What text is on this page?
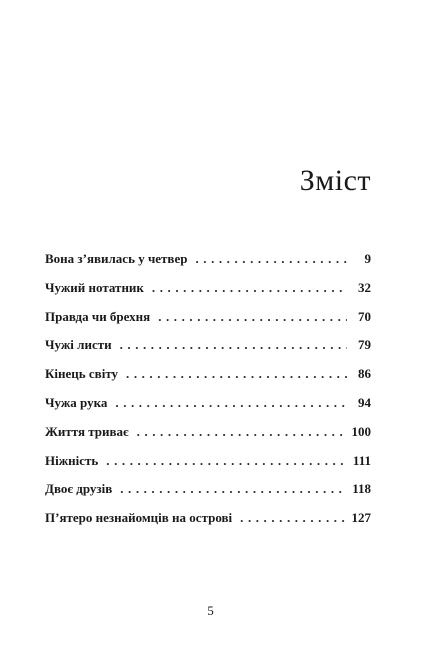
Зміст
Вона з’явилась у четвер . . .	9
Чужий нотатник . . .	32
Правда чи брехня . . .	70
Чужі листи . . .	79
Кінець світу . . .	86
Чужа рука . . .	94
Життя триває . . .	100
Ніжність . . .	111
Двоє друзів . . .	118
П’ятеро незнайомців на острові . . .	127

5
